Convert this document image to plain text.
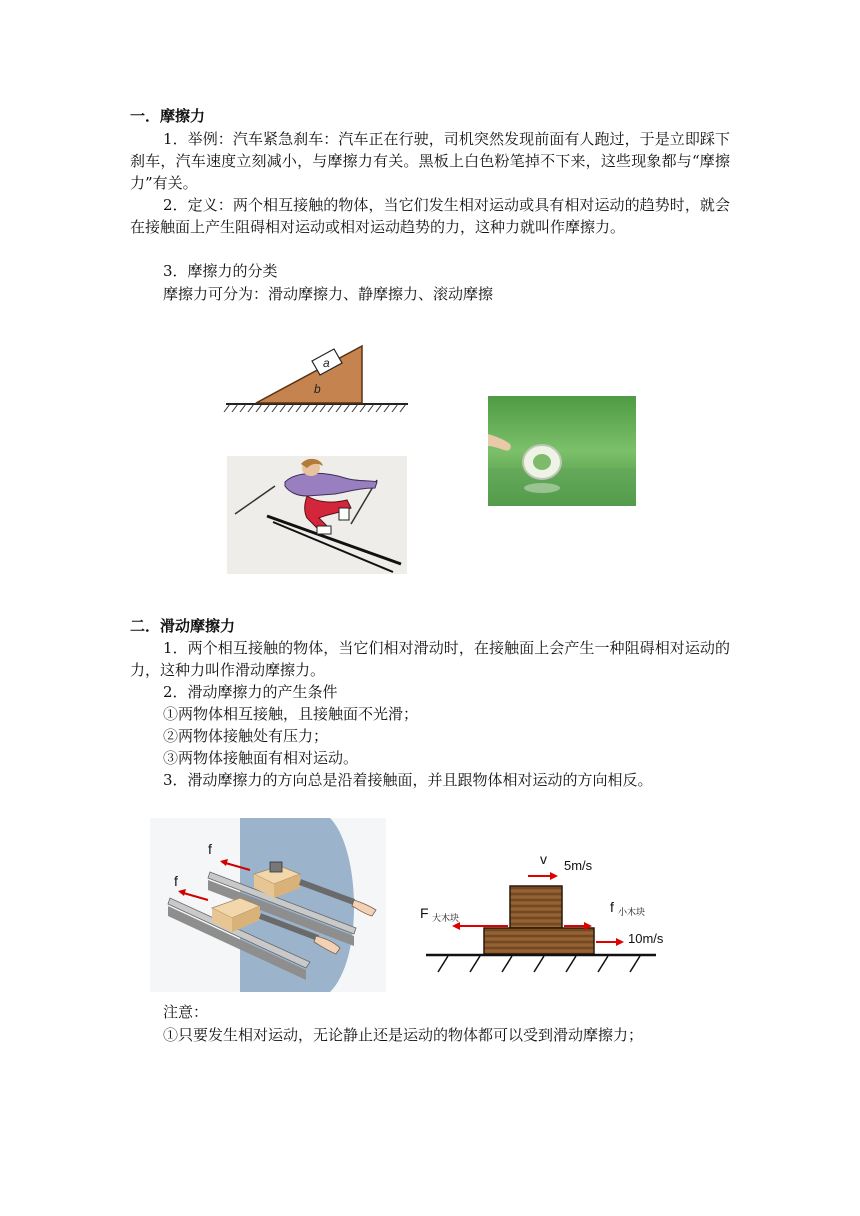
一．摩擦力
1．举例：汽车紧急刹车：汽车正在行驶，司机突然发现前面有人跑过，于是立即踩下刹车，汽车速度立刻减小，与摩擦力有关。黑板上白色粉笔掉不下来，这些现象都与“摩擦力”有关。
2．定义：两个相互接触的物体，当它们发生相对运动或具有相对运动的趋势时，就会在接触面上产生阻碍相对运动或相对运动趋势的力，这种力就叫作摩擦力。
3．摩擦力的分类
摩擦力可分为：滑动摩擦力、静摩擦力、滚动摩擦
a
b
二．滑动摩擦力
1．两个相互接触的物体，当它们相对滑动时，在接触面上会产生一种阻碍相对运动的力，这种力叫作滑动摩擦力。
2．滑动摩擦力的产生条件
①两物体相互接触，且接触面不光滑；
②两物体接触处有压力；
③两物体接触面有相对运动。
3．滑动摩擦力的方向总是沿着接触面，并且跟物体相对运动的方向相反。
f
f
v 5m/s
F 大木块
f 小木块
10m/s
注意：
①只要发生相对运动，无论静止还是运动的物体都可以受到滑动摩擦力；
